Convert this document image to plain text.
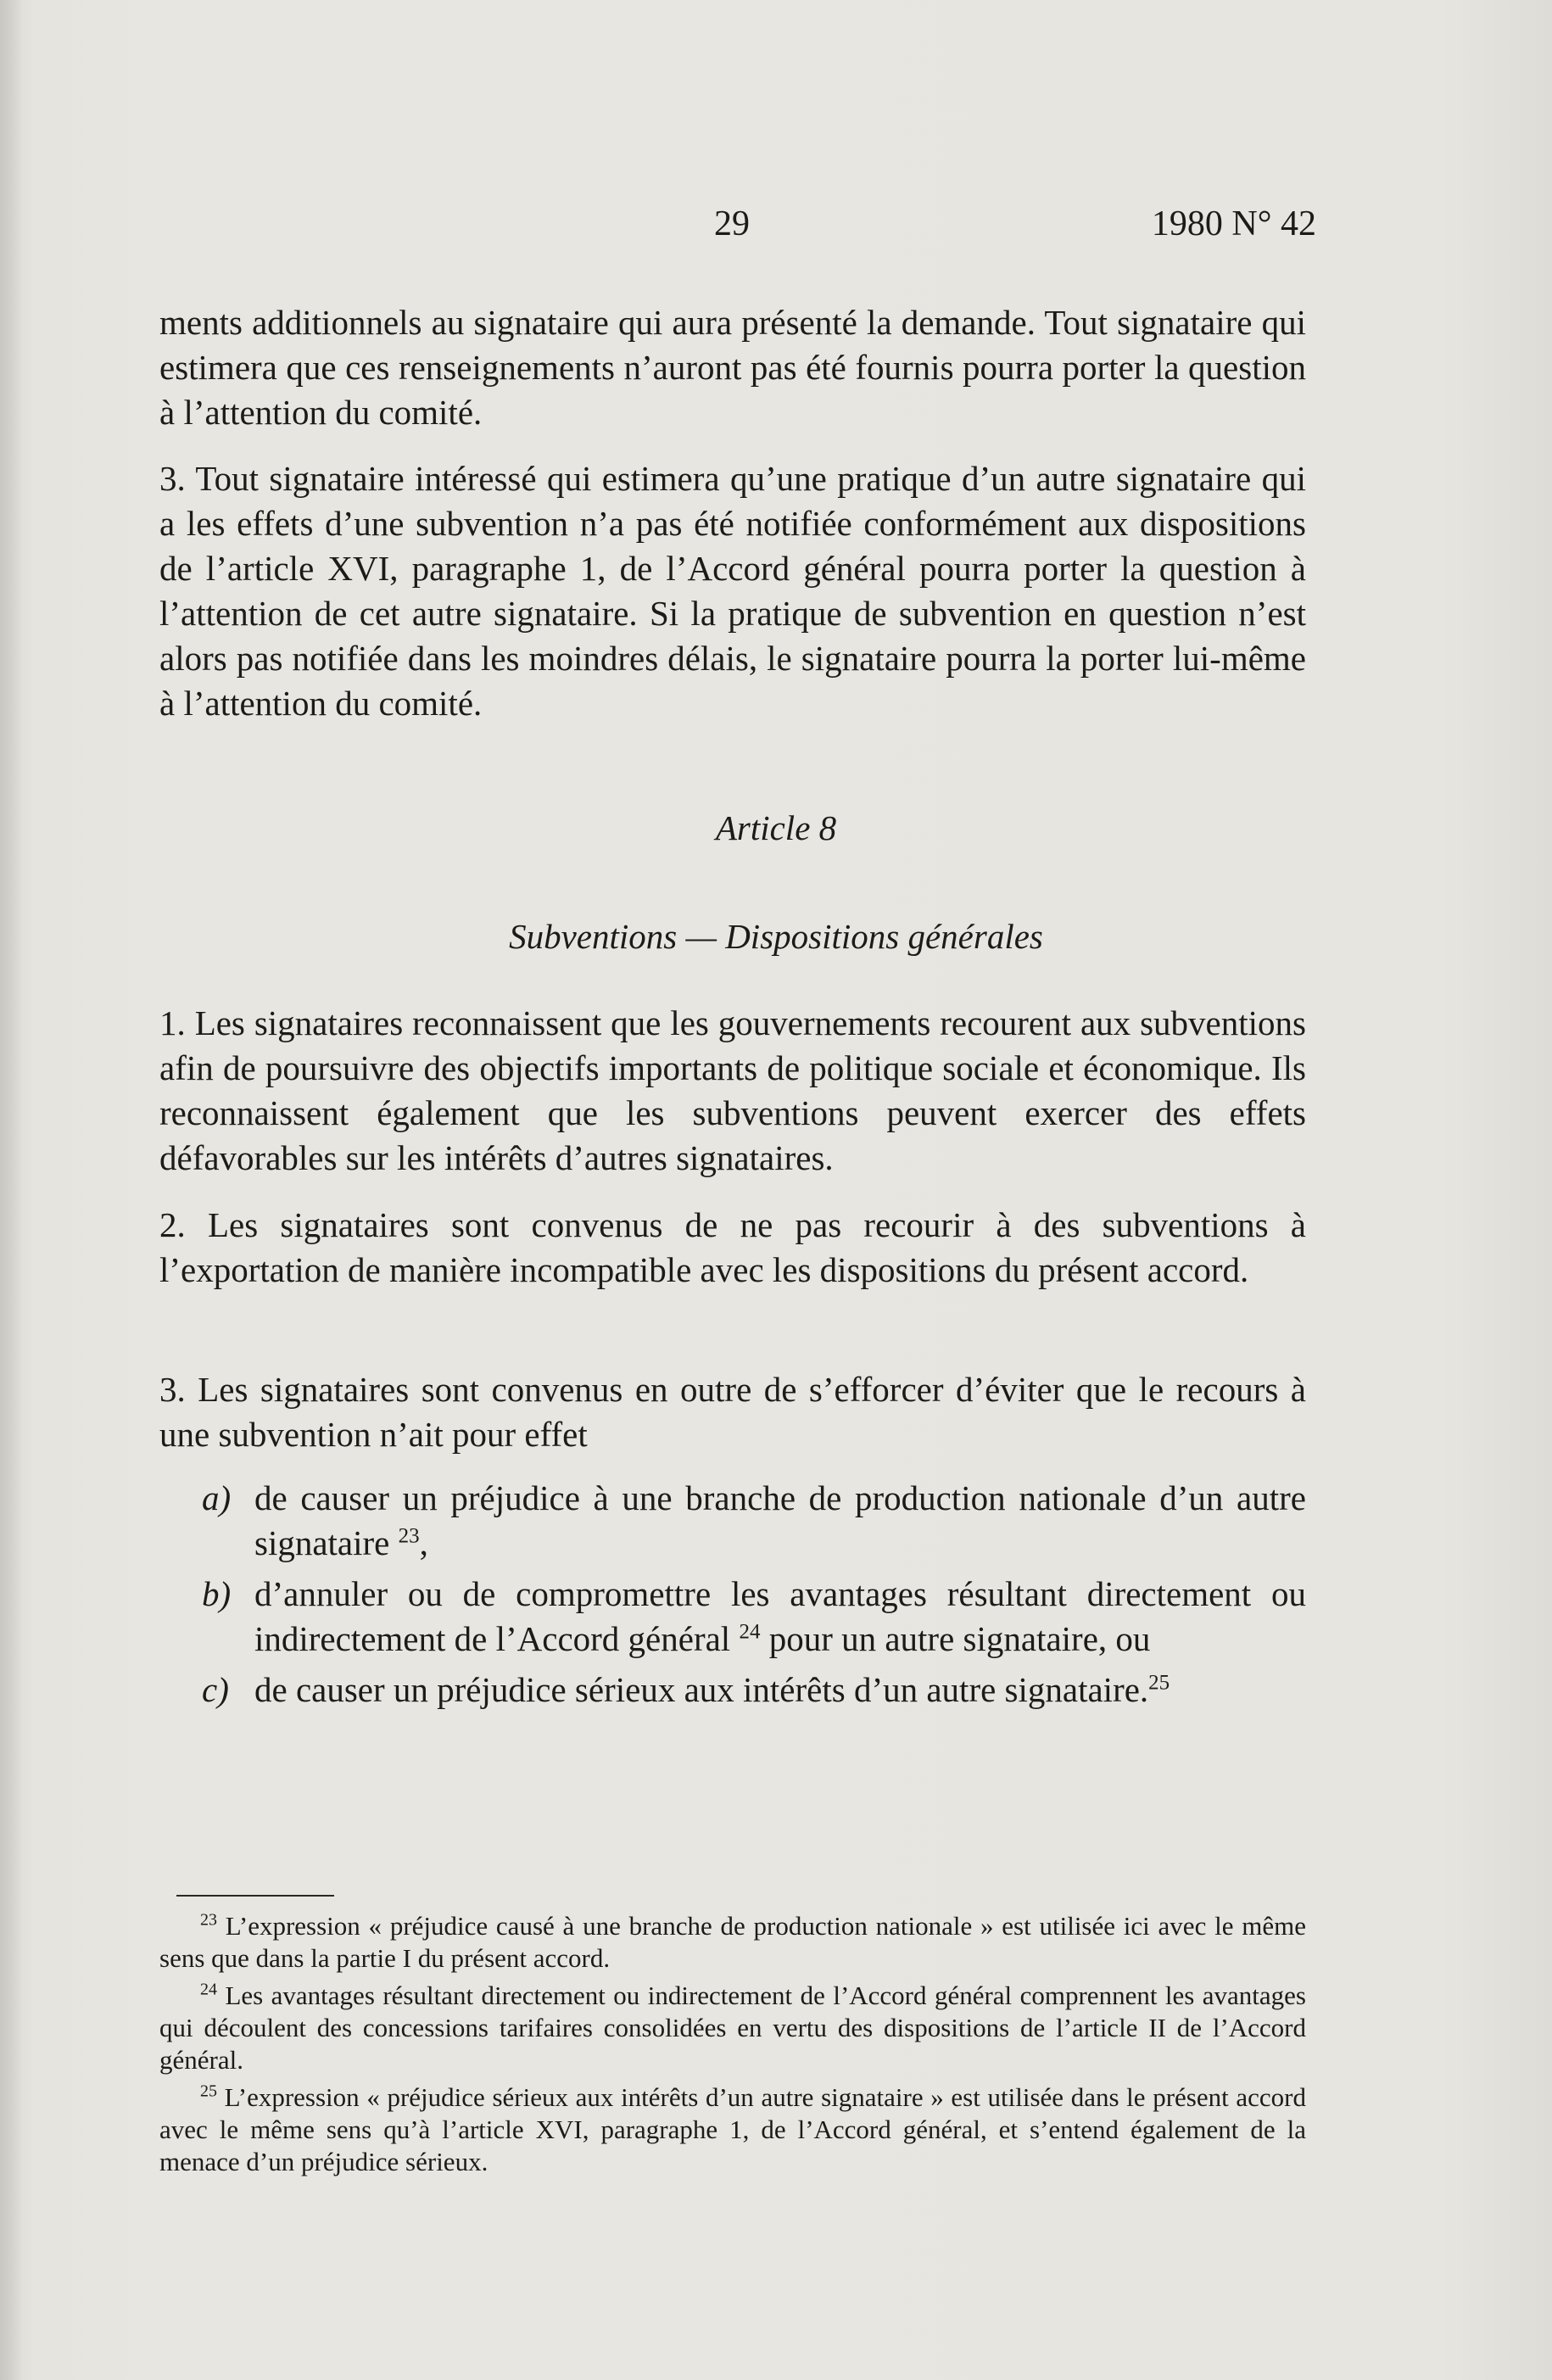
29	1980 N° 42

ments additionnels au signataire qui aura présenté la demande. Tout signataire qui estimera que ces renseignements n’auront pas été fournis pourra porter la question à l’attention du comité.

3. Tout signataire intéressé qui estimera qu’une pratique d’un autre signataire qui a les effets d’une subvention n’a pas été notifiée conformément aux dispositions de l’article XVI, paragraphe 1, de l’Accord général pourra porter la question à l’attention de cet autre signataire. Si la pratique de subvention en question n’est alors pas notifiée dans les moindres délais, le signataire pourra la porter lui-même à l’attention du comité.

Article 8
Subventions — Dispositions générales

1. Les signataires reconnaissent que les gouvernements recourent aux subventions afin de poursuivre des objectifs importants de politique sociale et économique. Ils reconnaissent également que les subventions peuvent exercer des effets défavorables sur les intérêts d’autres signataires.

2. Les signataires sont convenus de ne pas recourir à des subventions à l’exportation de manière incompatible avec les dispositions du présent accord.

3. Les signataires sont convenus en outre de s’efforcer d’éviter que le recours à une subvention n’ait pour effet

a) de causer un préjudice à une branche de production nationale d’un autre signataire $^{23}$,
b) d’annuler ou de compromettre les avantages résultant directement ou indirectement de l’Accord général $^{24}$ pour un autre signataire, ou
c) de causer un préjudice sérieux aux intérêts d’un autre signataire.$^{25}$
$^{23}$ L’expression « préjudice causé à une branche de production nationale » est utilisée ici avec le même sens que dans la partie I du présent accord.
$^{24}$ Les avantages résultant directement ou indirectement de l’Accord général comprennent les avantages qui découlent des concessions tarifaires consolidées en vertu des dispositions de l’article II de l’Accord général.
$^{25}$ L’expression « préjudice sérieux aux intérêts d’un autre signataire » est utilisée dans le présent accord avec le même sens qu’à l’article XVI, paragraphe 1, de l’Accord général, et s’entend également de la menace d’un préjudice sérieux.
